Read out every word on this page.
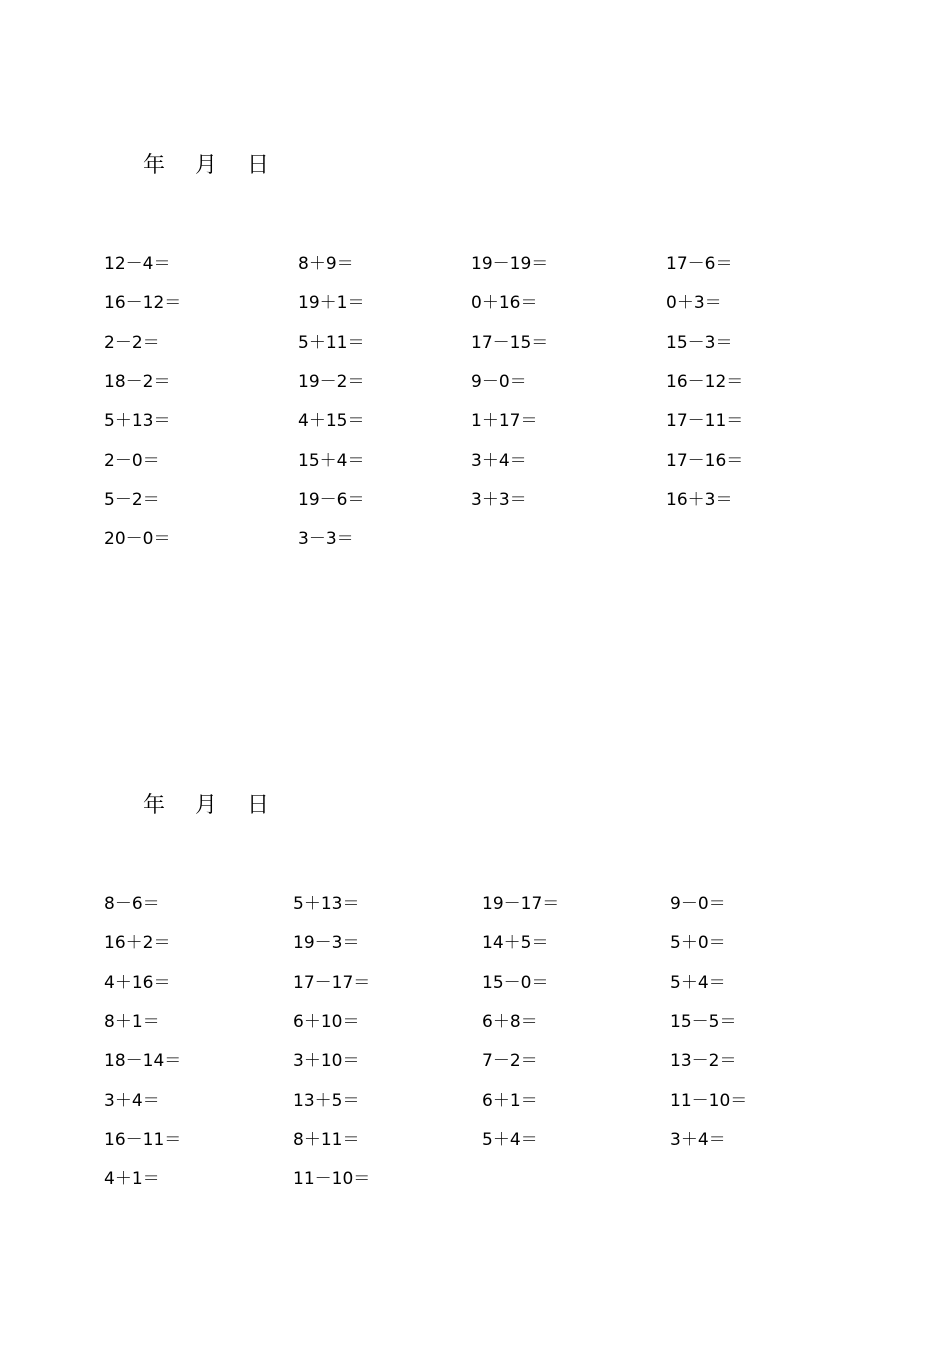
年 月 日
12－4＝	8＋9＝	19－19＝	17－6＝
16－12＝	19＋1＝	0＋16＝	0＋3＝
2－2＝	5＋11＝	17－15＝	15－3＝
18－2＝	19－2＝	9－0＝	16－12＝
5＋13＝	4＋15＝	1＋17＝	17－11＝
2－0＝	15＋4＝	3＋4＝	17－16＝
5－2＝	19－6＝	3＋3＝	16＋3＝
20－0＝	3－3＝
年 月 日
8－6＝	5＋13＝	19－17＝	9－0＝
16＋2＝	19－3＝	14＋5＝	5＋0＝
4＋16＝	17－17＝	15－0＝	5＋4＝
8＋1＝	6＋10＝	6＋8＝	15－5＝
18－14＝	3＋10＝	7－2＝	13－2＝
3＋4＝	13＋5＝	6＋1＝	11－10＝
16－11＝	8＋11＝	5＋4＝	3＋4＝
4＋1＝	11－10＝
